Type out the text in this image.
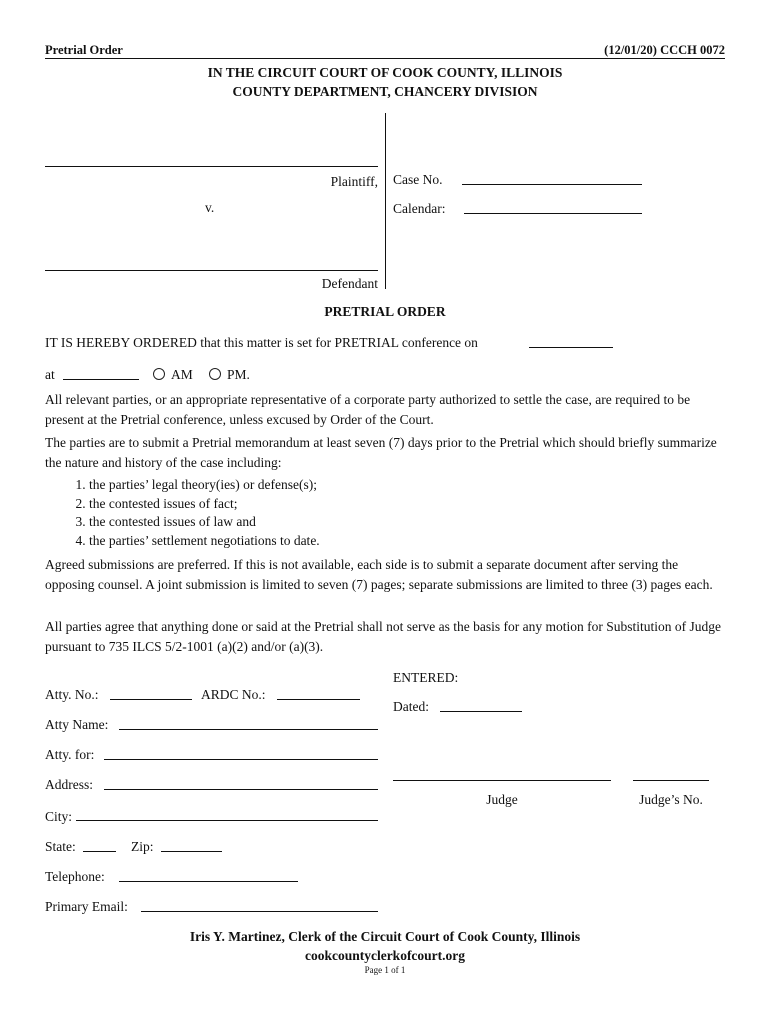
Pretrial Order	(12/01/20) CCCH 0072
IN THE CIRCUIT COURT OF COOK COUNTY, ILLINOIS
COUNTY DEPARTMENT, CHANCERY DIVISION
Plaintiff,
v.
Defendant
Case No.
Calendar:
PRETRIAL ORDER
IT IS HEREBY ORDERED that this matter is set for PRETRIAL conference on
at	AM	PM.

All relevant parties, or an appropriate representative of a corporate party authorized to settle the case, are required to be present at the Pretrial conference, unless excused by Order of the Court.

The parties are to submit a Pretrial memorandum at least seven (7) days prior to the Pretrial which should briefly summarize the nature and history of the case including:

1. the parties’ legal theory(ies) or defense(s);
2. the contested issues of fact;
3. the contested issues of law and
4. the parties’ settlement negotiations to date.

Agreed submissions are preferred. If this is not available, each side is to submit a separate document after serving the opposing counsel. A joint submission is limited to seven (7) pages; separate submissions are limited to three (3) pages each.

All parties agree that anything done or said at the Pretrial shall not serve as the basis for any motion for Substitution of Judge pursuant to 735 ILCS 5/2-1001 (a)(2) and/or (a)(3).

Atty. No.:	ARDC No.:
Atty Name:
Atty. for:
Address:
City:
State:	Zip:
Telephone:
Primary Email:
ENTERED:
Dated:
Judge	Judge’s No.
Iris Y. Martinez, Clerk of the Circuit Court of Cook County, Illinois
cookcountyclerkofcourt.org
Page 1 of 1
